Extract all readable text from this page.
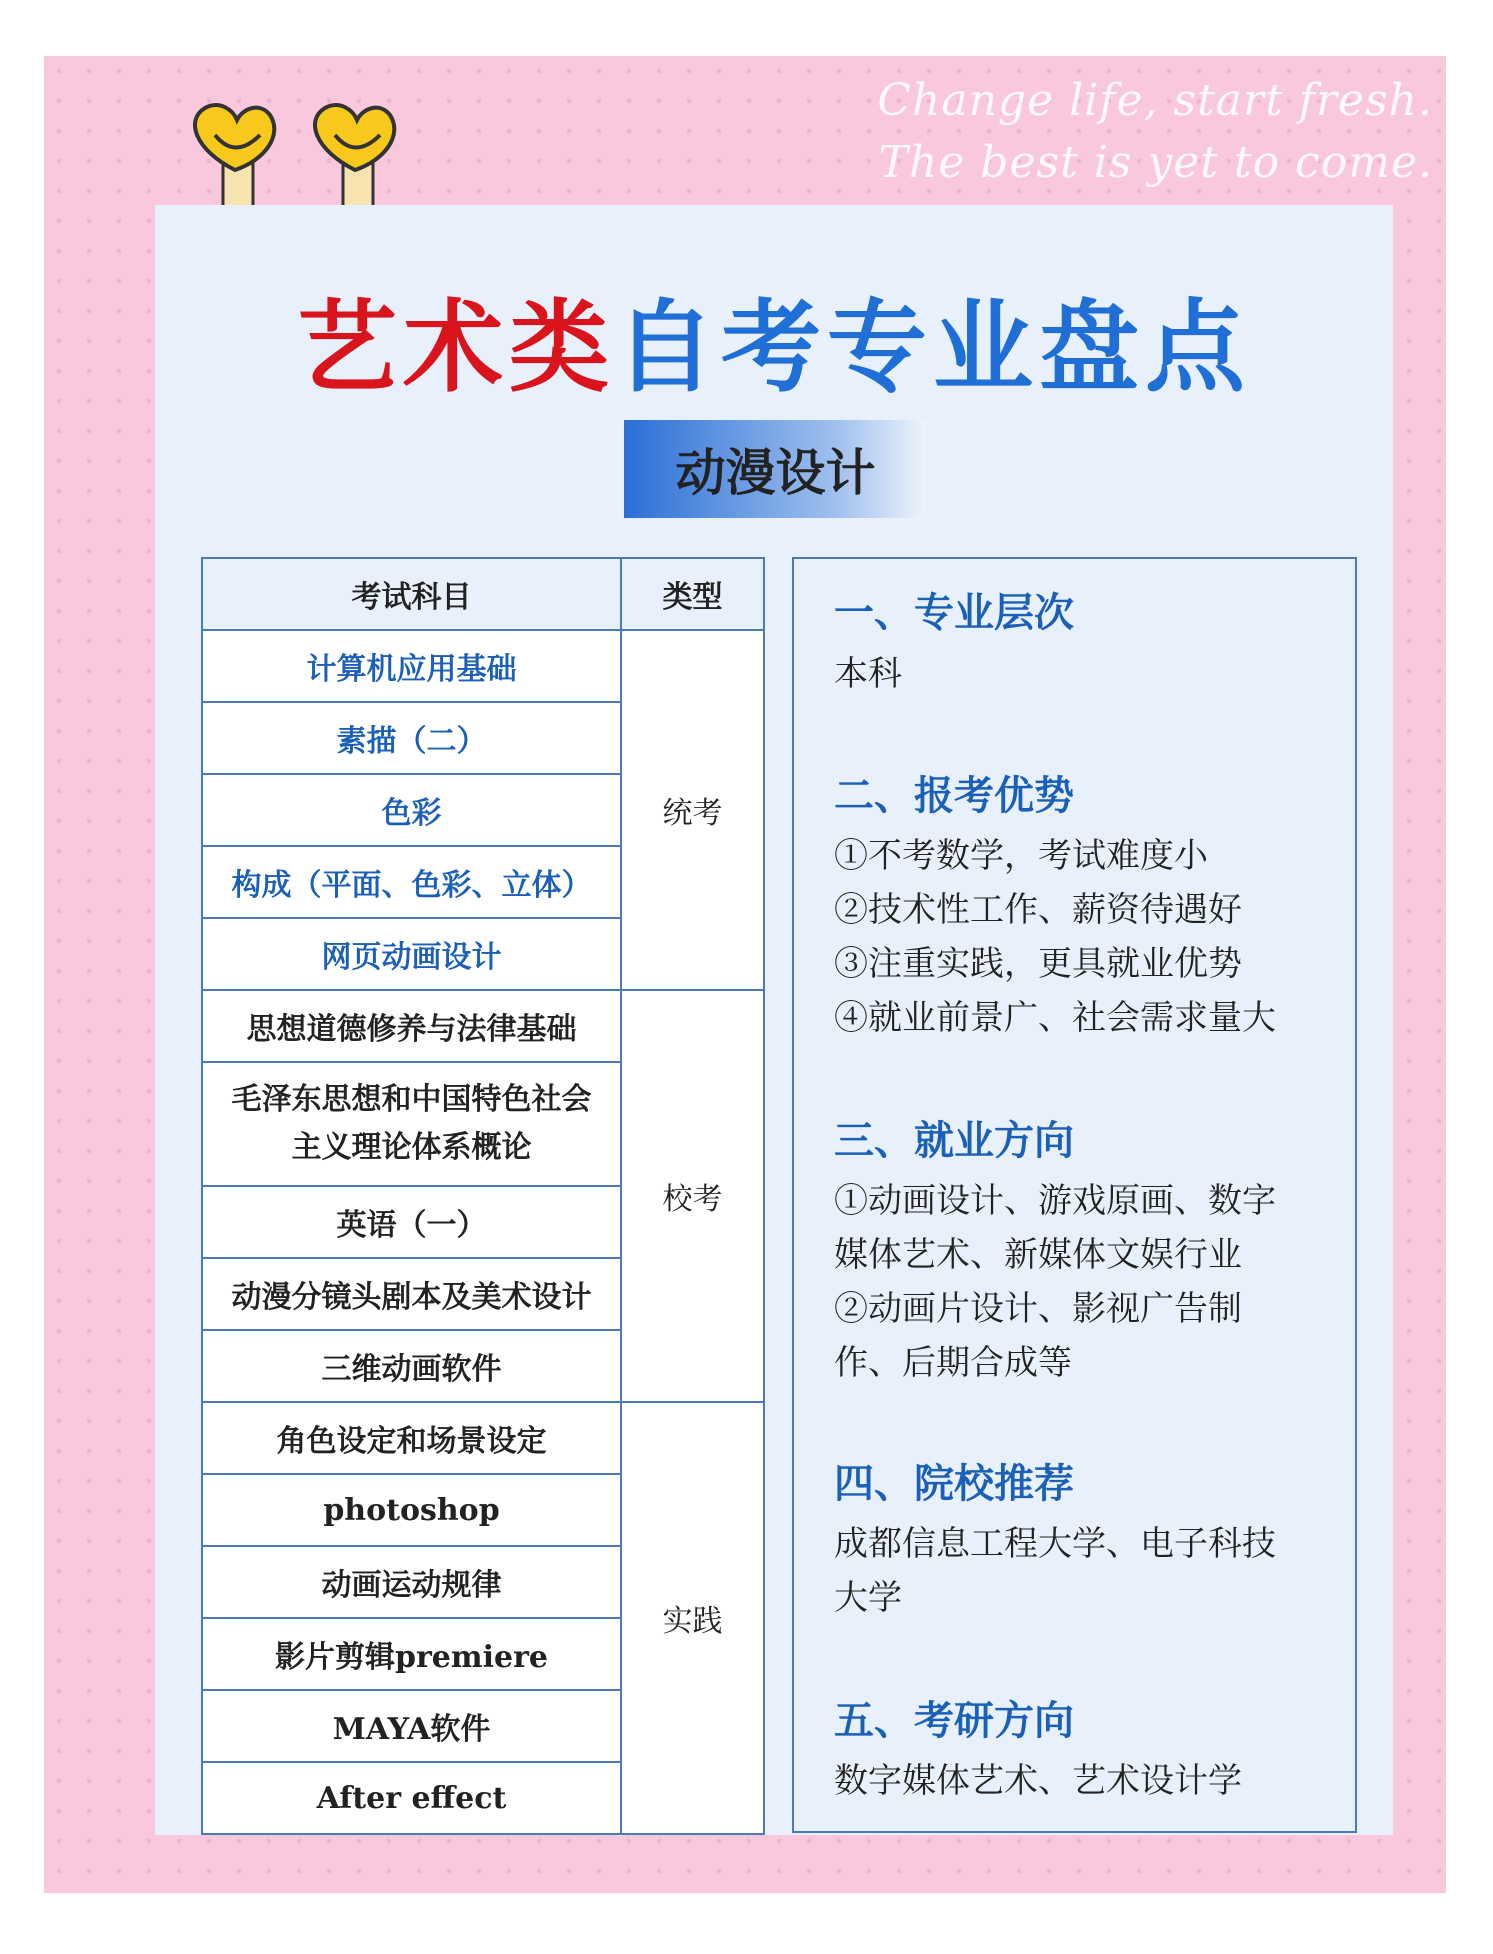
Change life, start fresh.
The best is yet to come.
艺术类自考专业盘点
动漫设计
考试科目	类型
计算机应用基础	统考
素描（二）	
色彩	
构成（平面、色彩、立体）	
网页动画设计	
思想道德修养与法律基础	校考
毛泽东思想和中国特色社会主义理论体系概论	
英语（一）	
动漫分镜头剧本及美术设计	
三维动画软件	
角色设定和场景设定	实践
photoshop	
动画运动规律	
影片剪辑premiere	
MAYA软件	
After effect	
一、专业层次
本科
二、报考优势
①不考数学，考试难度小
②技术性工作、薪资待遇好
③注重实践，更具就业优势
④就业前景广、社会需求量大
三、就业方向
①动画设计、游戏原画、数字
媒体艺术、新媒体文娱行业
②动画片设计、影视广告制
作、后期合成等
四、院校推荐
成都信息工程大学、电子科技
大学
五、考研方向
数字媒体艺术、艺术设计学
